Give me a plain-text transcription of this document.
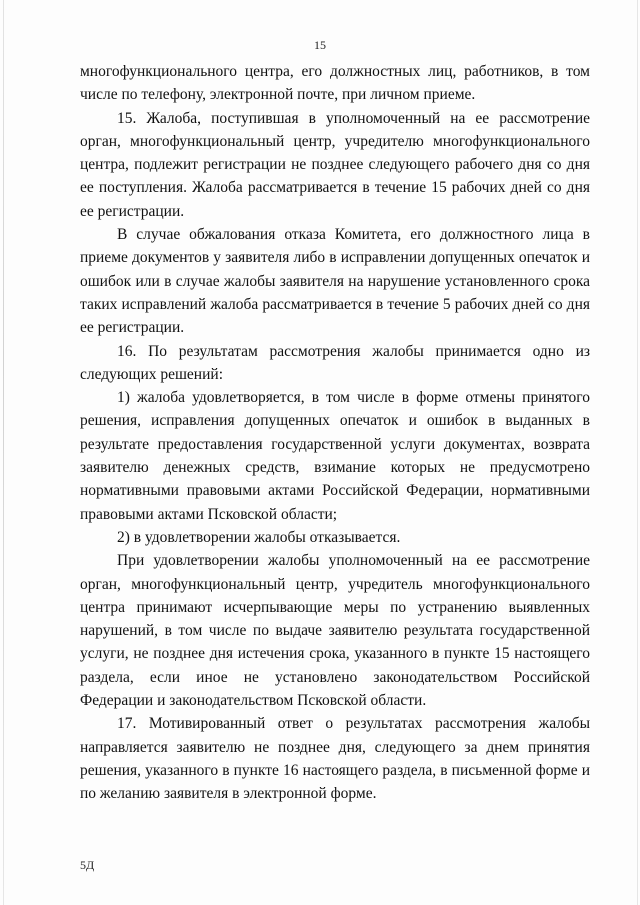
15

многофункционального центра, его должностных лиц, работников, в том числе по телефону, электронной почте, при личном приеме.

15. Жалоба, поступившая в уполномоченный на ее рассмотрение орган, многофункциональный центр, учредителю многофункционального центра, подлежит регистрации не позднее следующего рабочего дня со дня ее поступления. Жалоба рассматривается в течение 15 рабочих дней со дня ее регистрации.

В случае обжалования отказа Комитета, его должностного лица в приеме документов у заявителя либо в исправлении допущенных опечаток и ошибок или в случае жалобы заявителя на нарушение установленного срока таких исправлений жалоба рассматривается в течение 5 рабочих дней со дня ее регистрации.

16. По результатам рассмотрения жалобы принимается одно из следующих решений:

1) жалоба удовлетворяется, в том числе в форме отмены принятого решения, исправления допущенных опечаток и ошибок в выданных в результате предоставления государственной услуги документах, возврата заявителю денежных средств, взимание которых не предусмотрено нормативными правовыми актами Российской Федерации, нормативными правовыми актами Псковской области;

2) в удовлетворении жалобы отказывается.

При удовлетворении жалобы уполномоченный на ее рассмотрение орган, многофункциональный центр, учредитель многофункционального центра принимают исчерпывающие меры по устранению выявленных нарушений, в том числе по выдаче заявителю результата государственной услуги, не позднее дня истечения срока, указанного в пункте 15 настоящего раздела, если иное не установлено законодательством Российской Федерации и законодательством Псковской области.

17. Мотивированный ответ о результатах рассмотрения жалобы направляется заявителю не позднее дня, следующего за днем принятия решения, указанного в пункте 16 настоящего раздела, в письменной форме и по желанию заявителя в электронной форме.

5Д
